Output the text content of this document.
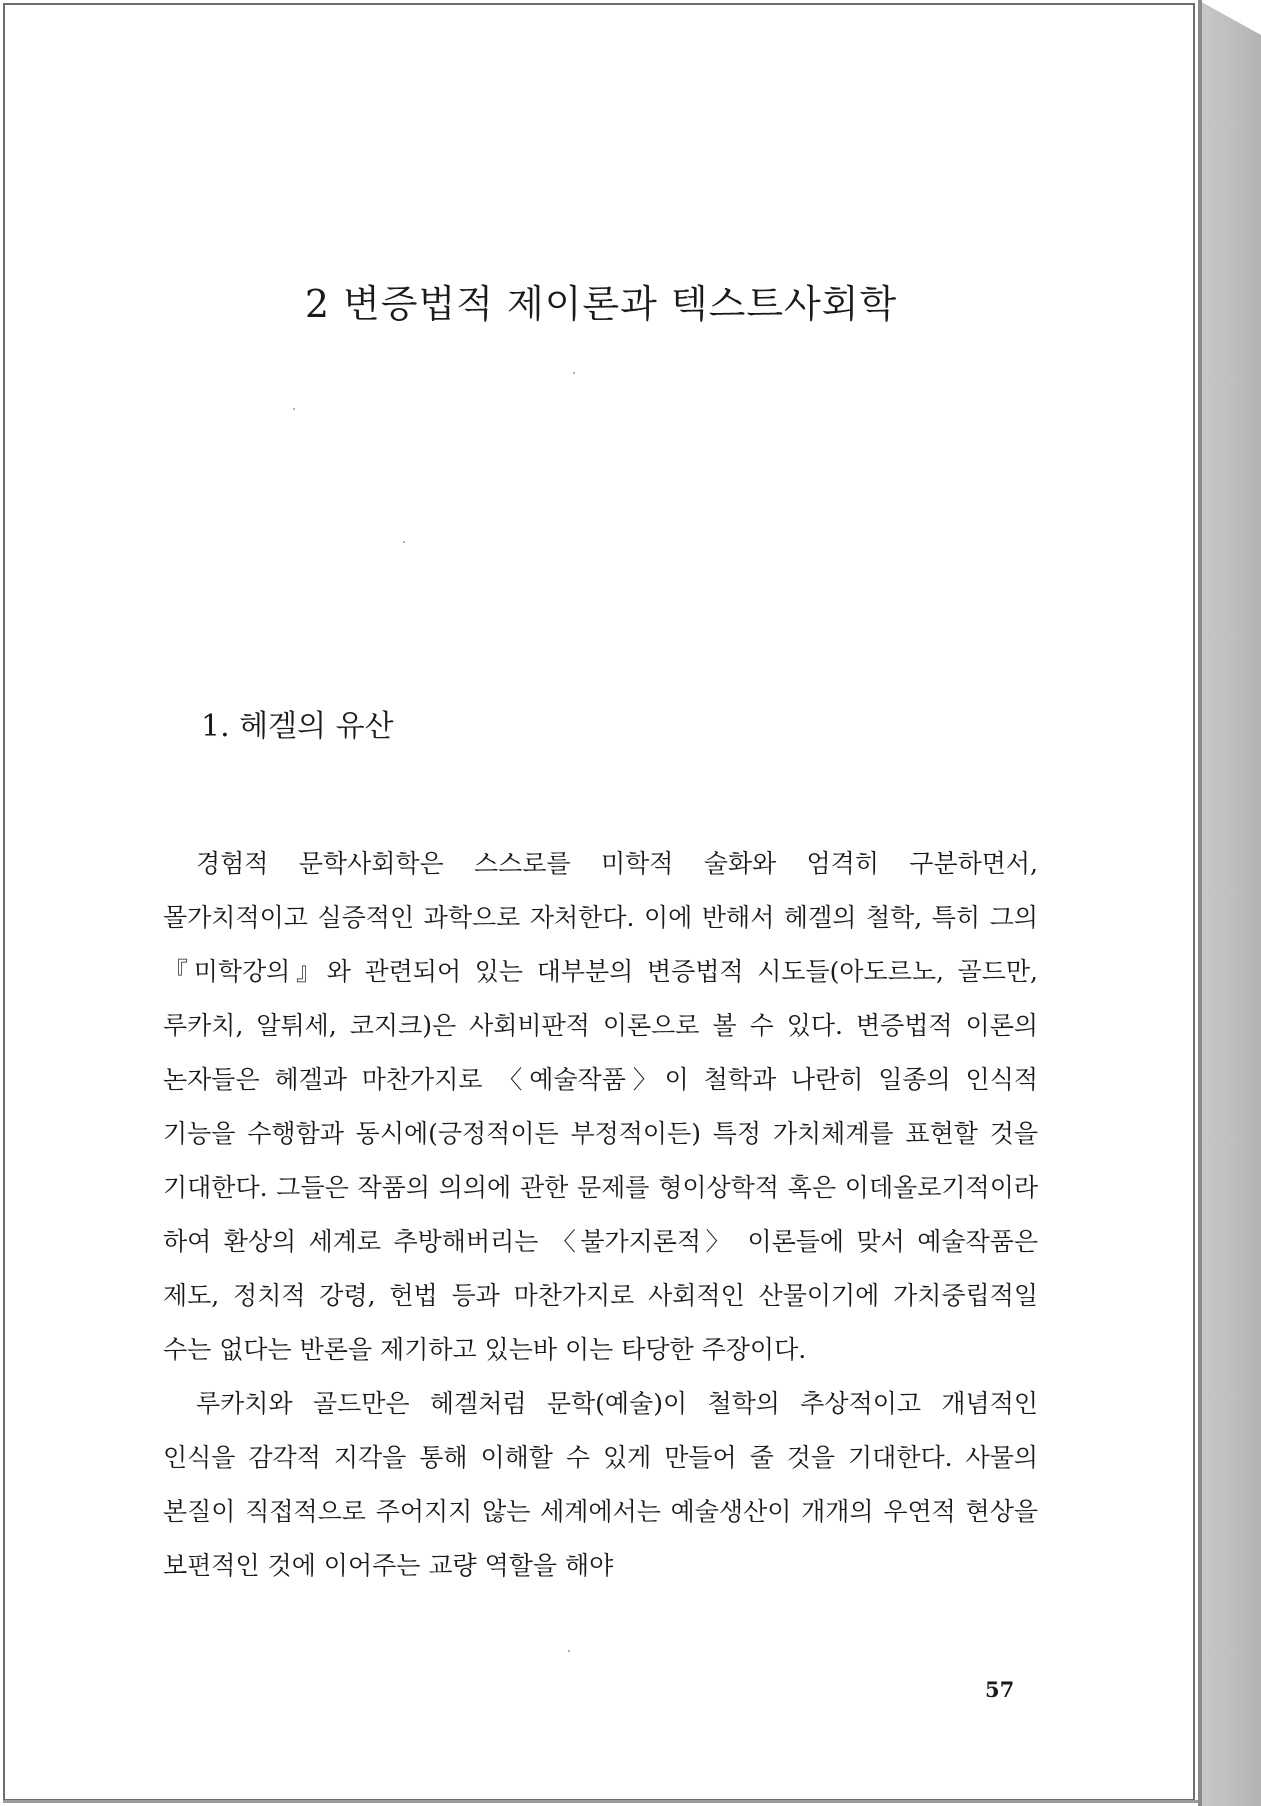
2 변증법적 제이론과 텍스트사회학
1. 헤겔의 유산

경험적 문학사회학은 스스로를 미학적 술화와 엄격히 구분하면서, 몰가치적이고 실증적인 과학으로 자처한다. 이에 반해서 헤겔의 철학, 특히 그의 『미학강의』와 관련되어 있는 대부분의 변증법적 시도들(아도르노, 골드만, 루카치, 알튀세, 코지크)은 사회비판적 이론으로 볼 수 있다. 변증법적 이론의 논자들은 헤겔과 마찬가지로 〈예술작품〉이 철학과 나란히 일종의 인식적 기능을 수행함과 동시에(긍정적이든 부정적이든) 특정 가치체계를 표현할 것을 기대한다. 그들은 작품의 의의에 관한 문제를 형이상학적 혹은 이데올로기적이라 하여 환상의 세계로 추방해버리는 〈불가지론적〉 이론들에 맞서 예술작품은 제도, 정치적 강령, 헌법 등과 마찬가지로 사회적인 산물이기에 가치중립적일 수는 없다는 반론을 제기하고 있는바 이는 타당한 주장이다.

루카치와 골드만은 헤겔처럼 문학(예술)이 철학의 추상적이고 개념적인 인식을 감각적 지각을 통해 이해할 수 있게 만들어 줄 것을 기대한다. 사물의 본질이 직접적으로 주어지지 않는 세계에서는 예술생산이 개개의 우연적 현상을 보편적인 것에 이어주는 교량 역할을 해야

57
